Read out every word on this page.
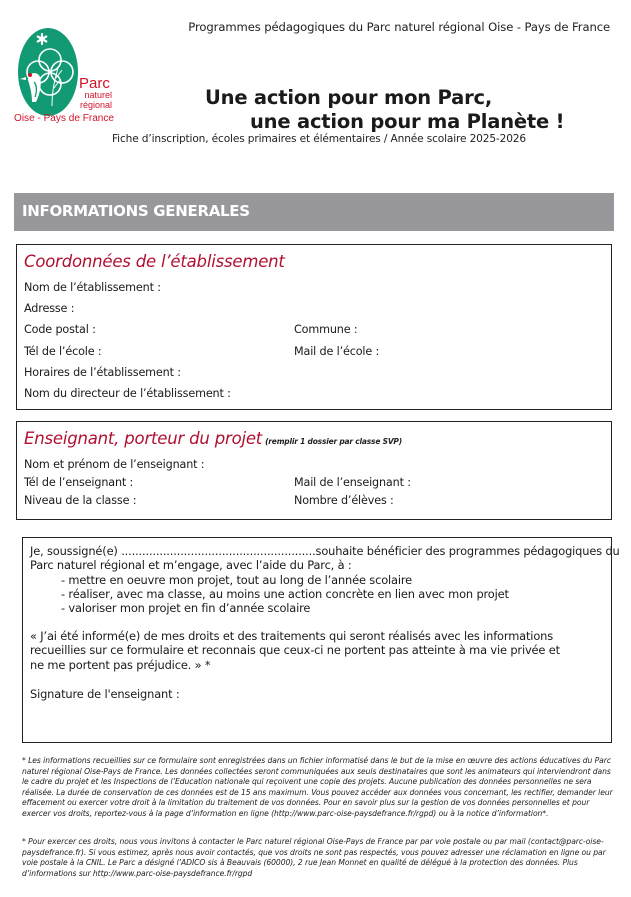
Parc
naturel
régional
Oise - Pays de France
Programmes pédagogiques du Parc naturel régional Oise - Pays de France
Une action pour mon Parc,
une action pour ma Planète !
Fiche d’inscription, écoles primaires et élémentaires / Année scolaire 2025-2026
INFORMATIONS GENERALES
Coordonnées de l’établissement
Nom de l’établissement :
Adresse :
Code postal :	Commune :
Tél de l’école :	Mail de l’école :
Horaires de l’établissement :
Nom du directeur de l’établissement :
Enseignant, porteur du projet (remplir 1 dossier par classe SVP)
Nom et prénom de l’enseignant :
Tél de l’enseignant :	Mail de l’enseignant :
Niveau de la classe :	Nombre d’élèves :
Je, soussigné(e) ........................................................souhaite bénéficier des programmes pédagogiques du
Parc naturel régional et m’engage, avec l’aide du Parc, à :
- mettre en oeuvre mon projet, tout au long de l’année scolaire
- réaliser, avec ma classe, au moins une action concrète en lien avec mon projet
- valoriser mon projet en fin d’année scolaire
« J’ai été informé(e) de mes droits et des traitements qui seront réalisés avec les informations
recueillies sur ce formulaire et reconnais que ceux-ci ne portent pas atteinte à ma vie privée et
ne me portent pas préjudice. » *
Signature de l'enseignant :
* Les informations recueillies sur ce formulaire sont enregistrées dans un fichier informatisé dans le but de la mise en œuvre des actions éducatives du Parc naturel régional Oise-Pays de France. Les données collectées seront communiquées aux seuls destinataires que sont les animateurs qui interviendront dans le cadre du projet et les Inspections de l’Education nationale qui reçoivent une copie des projets. Aucune publication des données personnelles ne sera réalisée. La durée de conservation de ces données est de 15 ans maximum. Vous pouvez accéder aux données vous concernant, les rectifier, demander leur effacement ou exercer votre droit à la limitation du traitement de vos données. Pour en savoir plus sur la gestion de vos données personnelles et pour exercer vos droits, reportez-vous à la page d’information en ligne (http://www.parc-oise-paysdefrance.fr/rgpd) ou à la notice d’information*.
* Pour exercer ces droits, nous vous invitons à contacter le Parc naturel régional Oise-Pays de France par par voie postale ou par mail (contact@parc-oise-paysdefrance.fr). Si vous estimez, après nous avoir contactés, que vos droits ne sont pas respectés, vous pouvez adresser une réclamation en ligne ou par voie postale à la CNIL. Le Parc a désigné l’ADICO sis à Beauvais (60000), 2 rue Jean Monnet en qualité de délégué à la protection des données. Plus d’informations sur http://www.parc-oise-paysdefrance.fr/rgpd
